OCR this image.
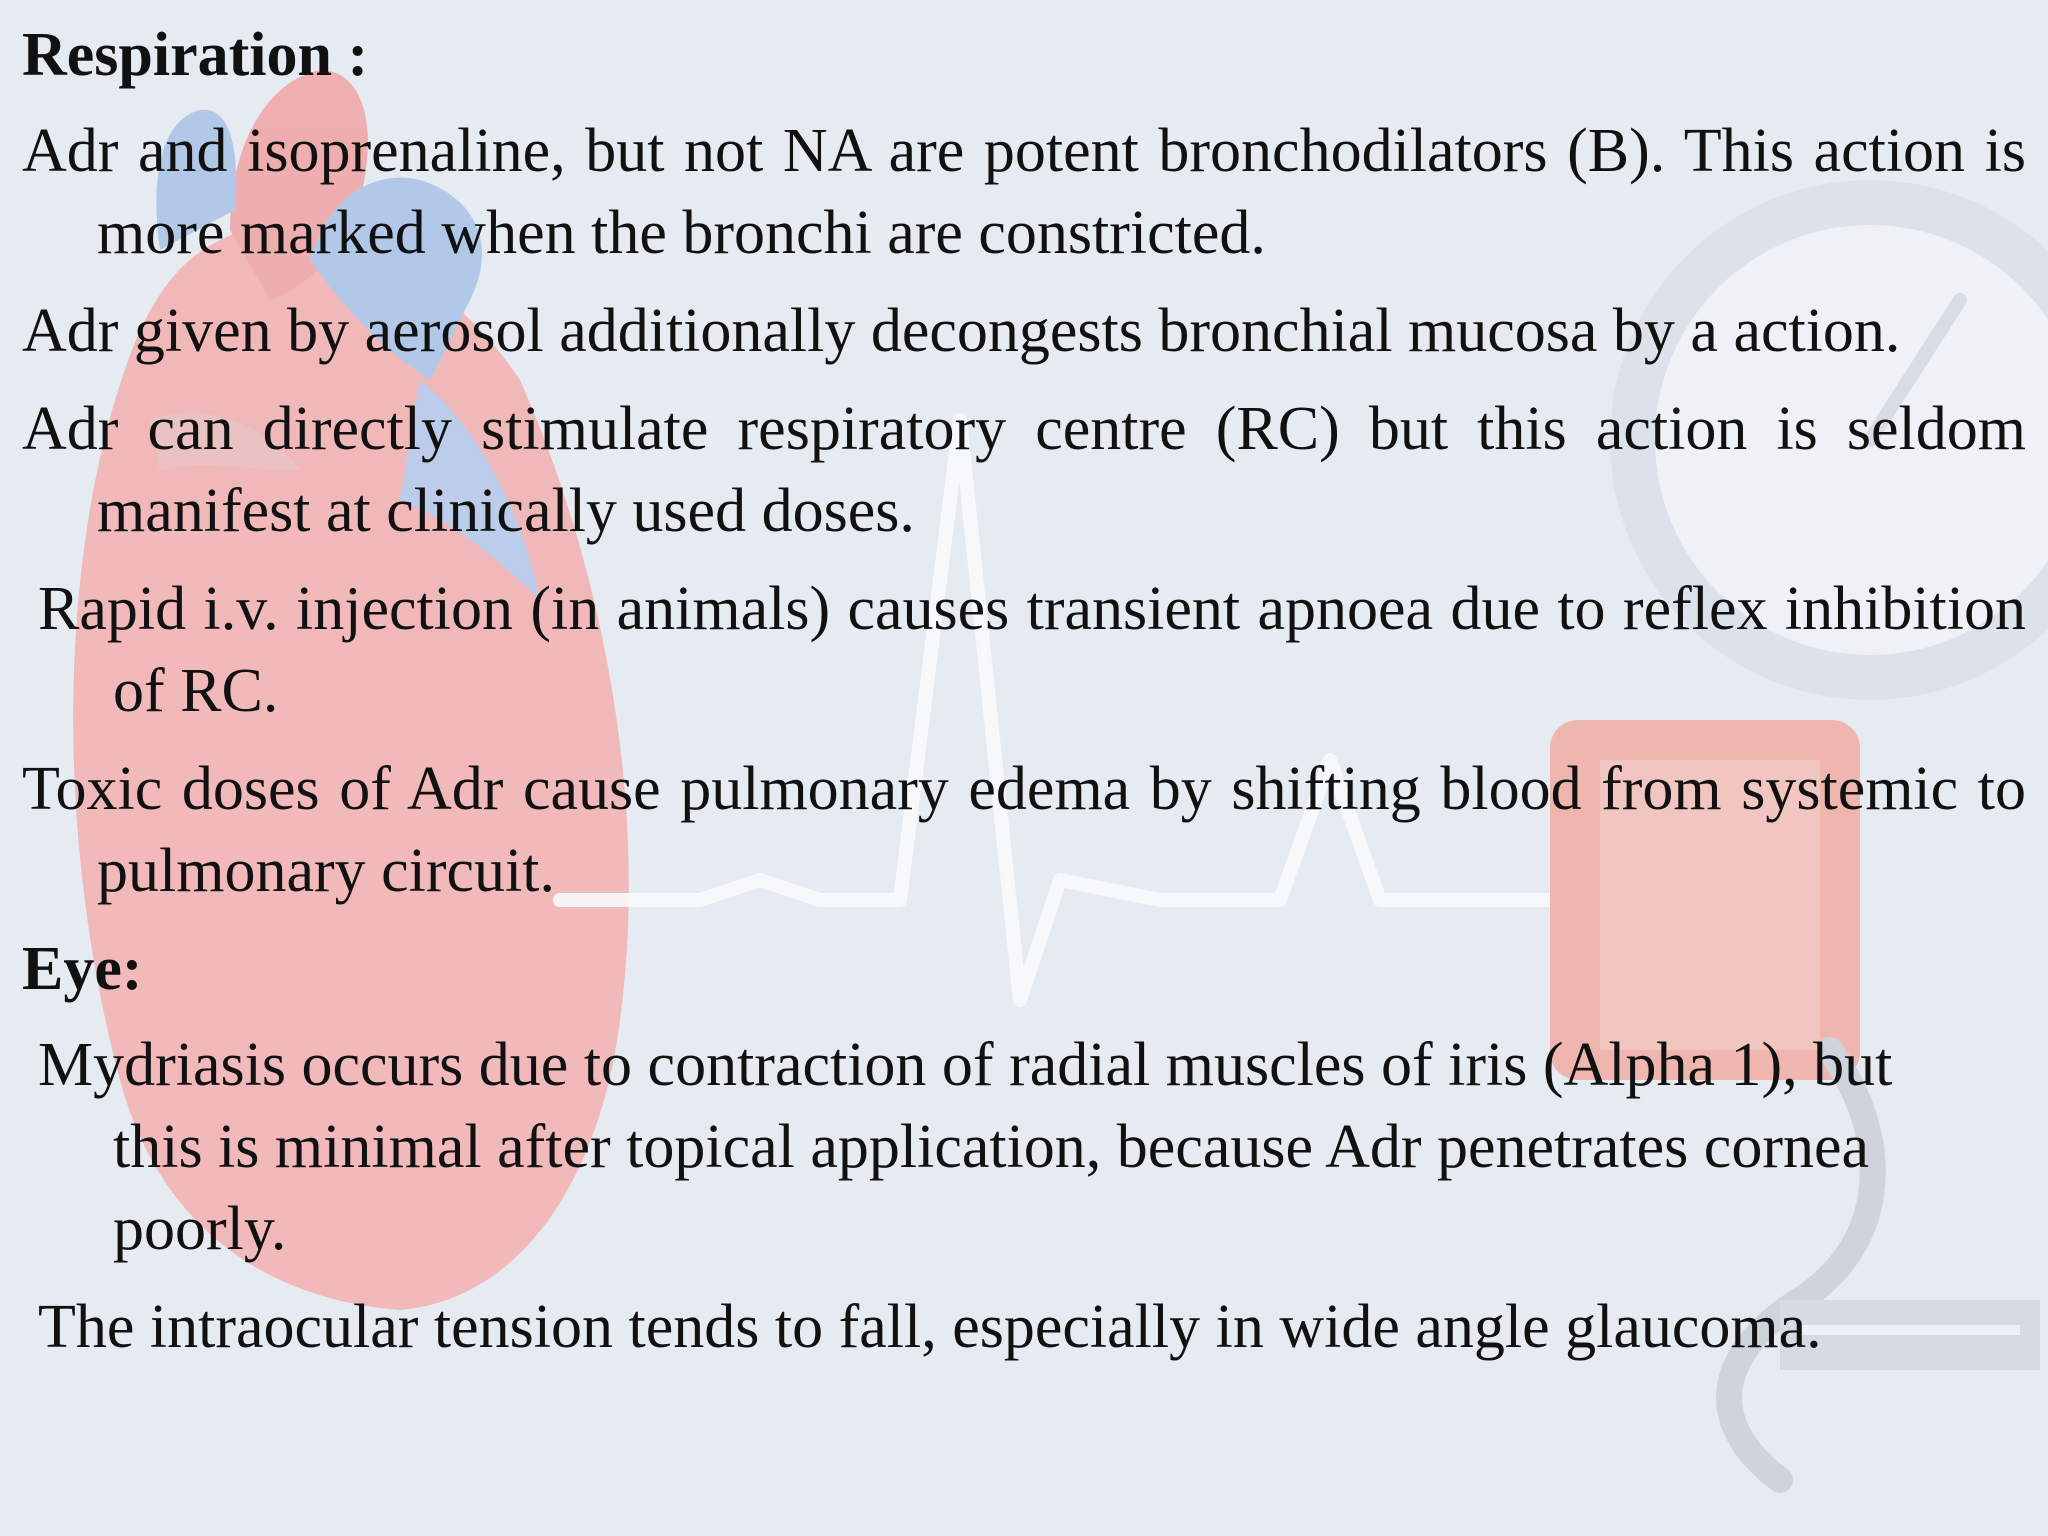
Respiration :
Adr and isoprenaline, but not NA are potent bronchodilators (B). This action is more marked when the bronchi are constricted.
Adr given by aerosol additionally decongests bronchial mucosa by a action.
Adr can directly stimulate respiratory centre (RC) but this action is seldom manifest at clinically used doses.
Rapid i.v. injection (in animals) causes transient apnoea due to reflex inhibition of RC.
Toxic doses of Adr cause pulmonary edema by shifting blood from systemic to pulmonary circuit.
Eye:
Mydriasis occurs due to contraction of radial muscles of iris (Alpha 1), but this is minimal after topical application, because Adr penetrates cornea poorly.
The intraocular tension tends to fall, especially in wide angle glaucoma.
